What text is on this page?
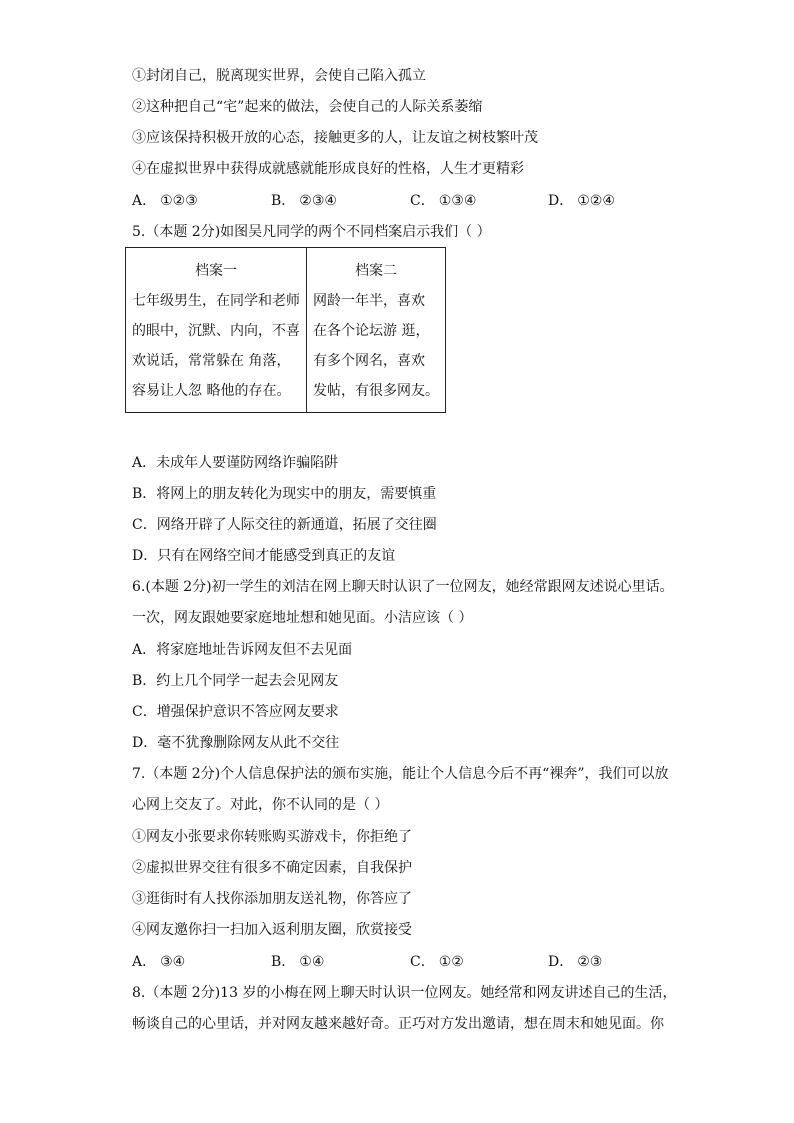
①封闭自己，脱离现实世界，会使自己陷入孤立
②这种把自己“宅”起来的做法，会使自己的人际关系萎缩
③应该保持积极开放的心态，接触更多的人，让友谊之树枝繁叶茂
④在虚拟世界中获得成就感就能形成良好的性格，人生才更精彩
A． ①②③	B． ②③④	C． ①③④	D． ①②④
5.（本题 2分)如图吴凡同学的两个不同档案启示我们（ ）
档案一
七年级男生，在同学和老师
的眼中，沉默、内向，不喜
欢说话，常常躲在 角落，
容易让人忽 略他的存在。

档案二
网龄一年半，喜欢
在各个论坛游 逛，
有多个网名，喜欢
发帖，有很多网友。
A．未成年人要谨防网络诈骗陷阱
B．将网上的朋友转化为现实中的朋友，需要慎重
C．网络开辟了人际交往的新通道，拓展了交往圈
D．只有在网络空间才能感受到真正的友谊
6.(本题 2分)初一学生的刘洁在网上聊天时认识了一位网友，她经常跟网友述说心里话。
一次，网友跟她要家庭地址想和她见面。小洁应该（ ）
A．将家庭地址告诉网友但不去见面
B．约上几个同学一起去会见网友
C．增强保护意识不答应网友要求
D．毫不犹豫删除网友从此不交往
7.（本题 2分)个人信息保护法的颁布实施，能让个人信息今后不再“裸奔”，我们可以放
心网上交友了。对此，你不认同的是（ ）
①网友小张要求你转账购买游戏卡，你拒绝了
②虚拟世界交往有很多不确定因素，自我保护
③逛街时有人找你添加朋友送礼物，你答应了
④网友邀你扫一扫加入返利朋友圈，欣赏接受
A． ③④	B． ①④	C． ①②	D． ②③
8.（本题 2分)13 岁的小梅在网上聊天时认识一位网友。她经常和网友讲述自己的生活，
畅谈自己的心里话，并对网友越来越好奇。正巧对方发出邀请，想在周末和她见面。你
